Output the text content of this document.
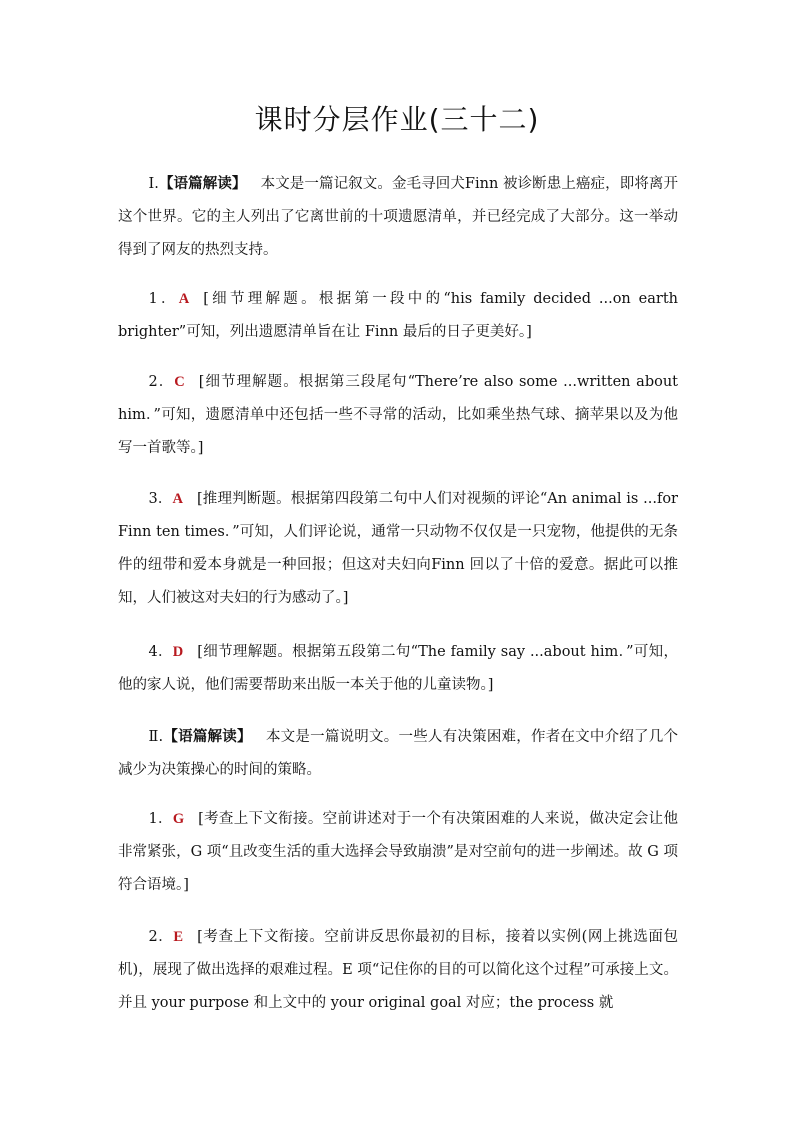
课时分层作业(三十二)
Ⅰ.【语篇解读】 本文是一篇记叙文。金毛寻回犬Finn 被诊断患上癌症，即将离开这个世界。它的主人列出了它离世前的十项遗愿清单，并已经完成了大部分。这一举动得到了网友的热烈支持。
1．A [细节理解题。根据第一段中的“his family decided ...on earth brighter”可知，列出遗愿清单旨在让 Finn 最后的日子更美好。]
2．C [细节理解题。根据第三段尾句“There’re also some ...written about him．”可知，遗愿清单中还包括一些不寻常的活动，比如乘坐热气球、摘苹果以及为他写一首歌等。]
3．A [推理判断题。根据第四段第二句中人们对视频的评论“An animal is ...for Finn ten times．”可知，人们评论说，通常一只动物不仅仅是一只宠物，他提供的无条件的纽带和爱本身就是一种回报；但这对夫妇向Finn 回以了十倍的爱意。据此可以推知，人们被这对夫妇的行为感动了。]
4．D [细节理解题。根据第五段第二句“The family say ...about him．”可知，他的家人说，他们需要帮助来出版一本关于他的儿童读物。]
Ⅱ.【语篇解读】 本文是一篇说明文。一些人有决策困难，作者在文中介绍了几个减少为决策操心的时间的策略。
1．G [考查上下文衔接。空前讲述对于一个有决策困难的人来说，做决定会让他非常紧张，G 项“且改变生活的重大选择会导致崩溃”是对空前句的进一步阐述。故 G 项符合语境。]
2．E [考查上下文衔接。空前讲反思你最初的目标，接着以实例(网上挑选面包机)，展现了做出选择的艰难过程。E 项“记住你的目的可以简化这个过程”可承接上文。并且 your purpose 和上文中的 your original goal 对应；the process 就
